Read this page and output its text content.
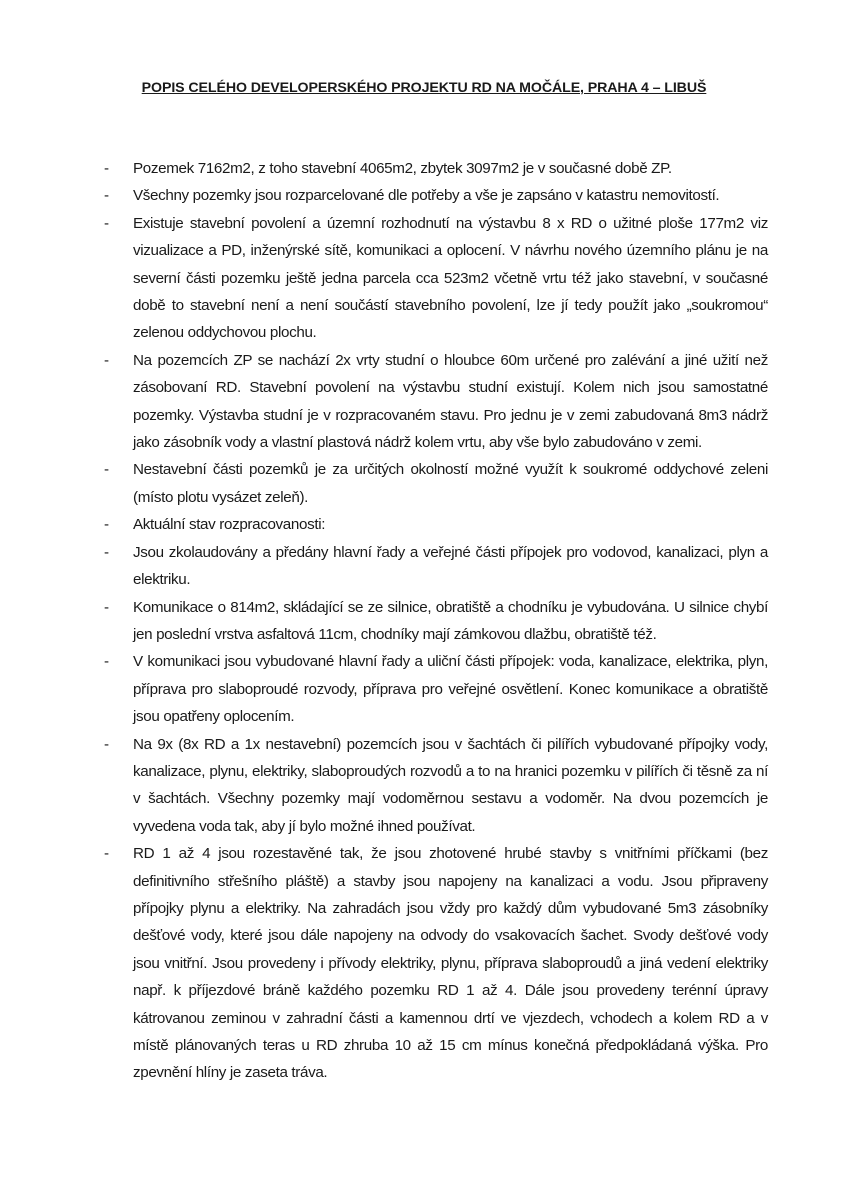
POPIS CELÉHO DEVELOPERSKÉHO PROJEKTU RD NA MOČÁLE, PRAHA 4 – LIBUŠ
-	Pozemek 7162m2, z toho stavební 4065m2, zbytek 3097m2 je v současné době ZP.
-	Všechny pozemky jsou rozparcelované dle potřeby a vše je zapsáno v katastru nemovitostí.
-	Existuje stavební povolení a územní rozhodnutí na výstavbu 8 x RD o užitné ploše 177m2 viz vizualizace a PD, inženýrské sítě, komunikaci a oplocení. V návrhu nového územního plánu je na severní části pozemku ještě jedna parcela cca 523m2 včetně vrtu též jako stavební, v současné době to stavební není a není součástí stavebního povolení, lze jí tedy použít jako „soukromou“ zelenou oddychovou plochu.
-	Na pozemcích ZP se nachází 2x vrty studní o hloubce 60m určené pro zalévání a jiné užití než zásobovaní RD. Stavební povolení na výstavbu studní existují. Kolem nich jsou samostatné pozemky. Výstavba studní je v rozpracovaném stavu. Pro jednu je v zemi zabudovaná 8m3 nádrž jako zásobník vody a vlastní plastová nádrž kolem vrtu, aby vše bylo zabudováno v zemi.
-	Nestavební části pozemků je za určitých okolností možné využít k soukromé oddychové zeleni (místo plotu vysázet zeleň).
-	Aktuální stav rozpracovanosti:
-	Jsou zkolaudovány a předány hlavní řady a veřejné části přípojek pro vodovod, kanalizaci, plyn a elektriku.
-	Komunikace o 814m2, skládající se ze silnice, obratiště a chodníku je vybudována. U silnice chybí jen poslední vrstva asfaltová 11cm, chodníky mají zámkovou dlažbu, obratiště též.
-	V komunikaci jsou vybudované hlavní řady a uliční části přípojek: voda, kanalizace, elektrika, plyn, příprava pro slaboproudé rozvody, příprava pro veřejné osvětlení. Konec komunikace a obratiště jsou opatřeny oplocením.
-	Na 9x (8x RD a 1x nestavební) pozemcích jsou v šachtách či pilířích vybudované přípojky vody, kanalizace, plynu, elektriky, slaboproudých rozvodů a to na hranici pozemku v pilířích či těsně za ní v šachtách. Všechny pozemky mají vodoměrnou sestavu a vodoměr. Na dvou pozemcích je vyvedena voda tak, aby jí bylo možné ihned používat.
-	RD 1 až 4 jsou rozestavěné tak, že jsou zhotovené hrubé stavby s vnitřními příčkami (bez definitivního střešního pláště) a stavby jsou napojeny na kanalizaci a vodu. Jsou připraveny přípojky plynu a elektriky. Na zahradách jsou vždy pro každý dům vybudované 5m3 zásobníky dešťové vody, které jsou dále napojeny na odvody do vsakovacích šachet. Svody dešťové vody jsou vnitřní. Jsou provedeny i přívody elektriky, plynu, příprava slaboproudů a jiná vedení elektriky např. k příjezdové bráně každého pozemku RD 1 až 4. Dále jsou provedeny terénní úpravy kátrovanou zeminou v zahradní části a kamennou drtí ve vjezdech, vchodech a kolem RD a v místě plánovaných teras u RD zhruba 10 až 15 cm mínus konečná předpokládaná výška. Pro zpevnění hlíny je zaseta tráva.
